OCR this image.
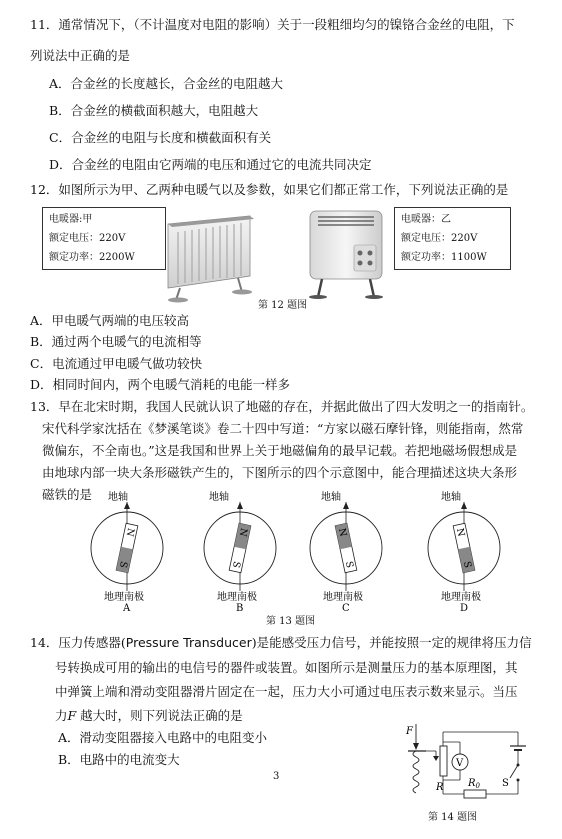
11．通常情况下，（不计温度对电阻的影响）关于一段粗细均匀的镍铬合金丝的电阻，下
列说法中正确的是
A．合金丝的长度越长，合金丝的电阻越大
B．合金丝的横截面积越大，电阻越大
C．合金丝的电阻与长度和横截面积有关
D．合金丝的电阻由它两端的电压和通过它的电流共同决定
12．如图所示为甲、乙两种电暖气以及参数，如果它们都正常工作，下列说法正确的是
电暖器:甲
额定电压：220V
额定功率：2200W
电暖器：乙
额定电压：220V
额定功率：1100W
第 12 题图
A．甲电暖气两端的电压较高
B．通过两个电暖气的电流相等
C．电流通过甲电暖气做功较快
D．相同时间内，两个电暖气消耗的电能一样多
13．早在北宋时期，我国人民就认识了地磁的存在，并据此做出了四大发明之一的指南针。
宋代科学家沈括在《梦溪笔谈》卷二十四中写道：“方家以磁石摩针锋，则能指南，然常
微偏东，不全南也。”这是我国和世界上关于地磁偏角的最早记载。若把地磁场假想成是
由地球内部一块大条形磁铁产生的，下图所示的四个示意图中，能合理描述这块大条形
磁铁的是 地轴
N
S
地理南极
A
地轴
N
S
地理南极
B
地轴
N
S
地理南极
C
地轴
N
S
地理南极
D
第 13 题图
14．压力传感器(Pressure Transducer)是能感受压力信号，并能按照一定的规律将压力信
号转换成可用的输出的电信号的器件或装置。如图所示是测量压力的基本原理图，其
中弹簧上端和滑动变阻器滑片固定在一起，压力大小可通过电压表示数来显示。当压
力F 越大时，则下列说法正确的是
A．滑动变阻器接入电路中的电阻变小
B．电路中的电流变大
3
F
R
V
$R_0$ S
第 14 题图
